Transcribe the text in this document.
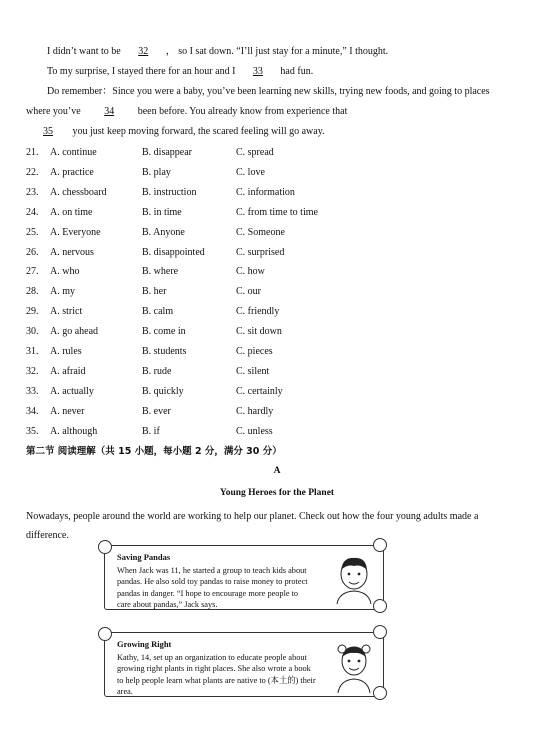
I didn’t want to be 32 ， so I sat down. “I’ll just stay for a minute,” I thought.
To my surprise, I stayed there for an hour and I 33 had fun.
Do remember：Since you were a baby, you’ve been learning new skills, trying new foods, and going to places
where you’ve 34 been before. You already know from experience that
35 you just keep moving forward, the scared feeling will go away.
21. A. continue	B. disappear	C. spread
22. A. practice	B. play	C. love
23. A. chessboard	B. instruction	C. information
24. A. on time	B. in time	C. from time to time
25. A. Everyone	B. Anyone	C. Someone
26. A. nervous	B. disappointed	C. surprised
27. A. who	B. where	C. how
28. A. my	B. her	C. our
29. A. strict	B. calm	C. friendly
30. A. go ahead	B. come in	C. sit down
31. A. rules	B. students	C. pieces
32. A. afraid	B. rude	C. silent
33. A. actually	B. quickly	C. certainly
34. A. never	B. ever	C. hardly
35. A. although	B. if	C. unless
第二节 阅读理解（共 15 小题，每小题 2 分，满分 30 分）
A
Young Heroes for the Planet
Nowadays, people around the world are working to help our planet. Check out how the four young adults made a
difference.
Saving Pandas
When Jack was 11, he started a group to teach kids about
pandas. He also sold toy pandas to raise money to protect
pandas in danger. “I hope to encourage more people to
care about pandas,” Jack says.
Growing Right
Kathy, 14, set up an organization to educate people about
growing right plants in right places. She also wrote a book
to help people learn what plants are native to (本土的) their
area.
